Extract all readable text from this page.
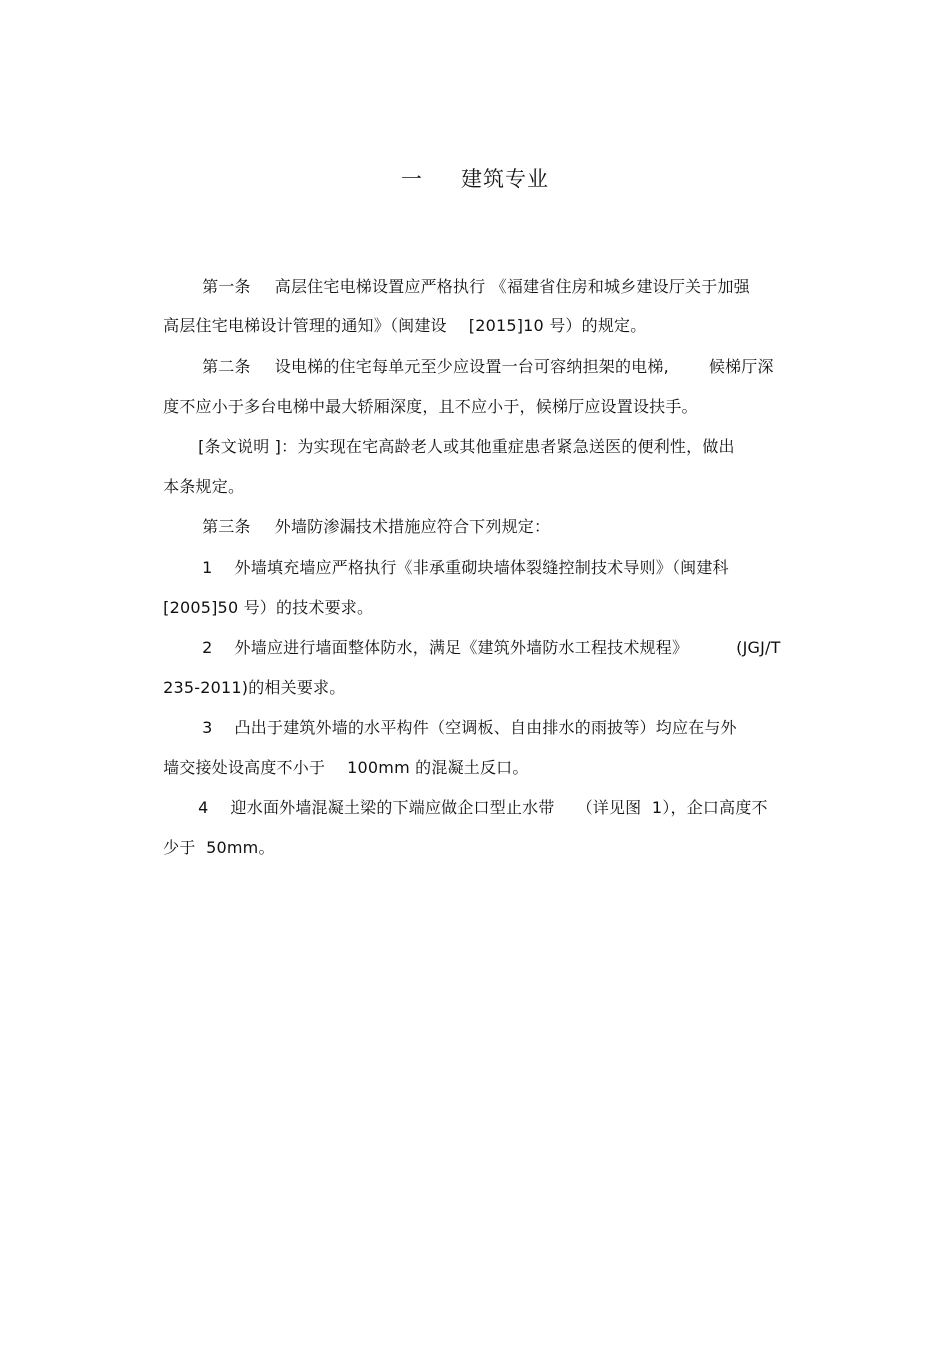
一 建筑专业

第一条 高层住宅电梯设置应严格执行 《福建省住房和城乡建设厅关于加强

高层住宅电梯设计管理的通知》（闽建设 [2015]10 号）的规定。

第二条 设电梯的住宅每单元至少应设置一台可容纳担架的电梯,	候梯厅深

度不应小于多台电梯中最大轿厢深度，且不应小于，候梯厅应设置设扶手。

[条文说明 ]：为实现在宅高龄老人或其他重症患者紧急送医的便利性，做出

本条规定。

第三条 外墙防渗漏技术措施应符合下列规定：

1 外墙填充墙应严格执行《非承重砌块墙体裂缝控制技术导则》（闽建科

[2005]50 号）的技术要求。

2 外墙应进行墙面整体防水，满足《建筑外墙防水工程技术规程》	(JGJ/T

235-2011)的相关要求。

3 凸出于建筑外墙的水平构件（空调板、自由排水的雨披等）均应在与外

墙交接处设高度不小于 100mm 的混凝土反口。

4 迎水面外墙混凝土梁的下端应做企口型止水带 （详见图  1），企口高度不

少于  50mm。
